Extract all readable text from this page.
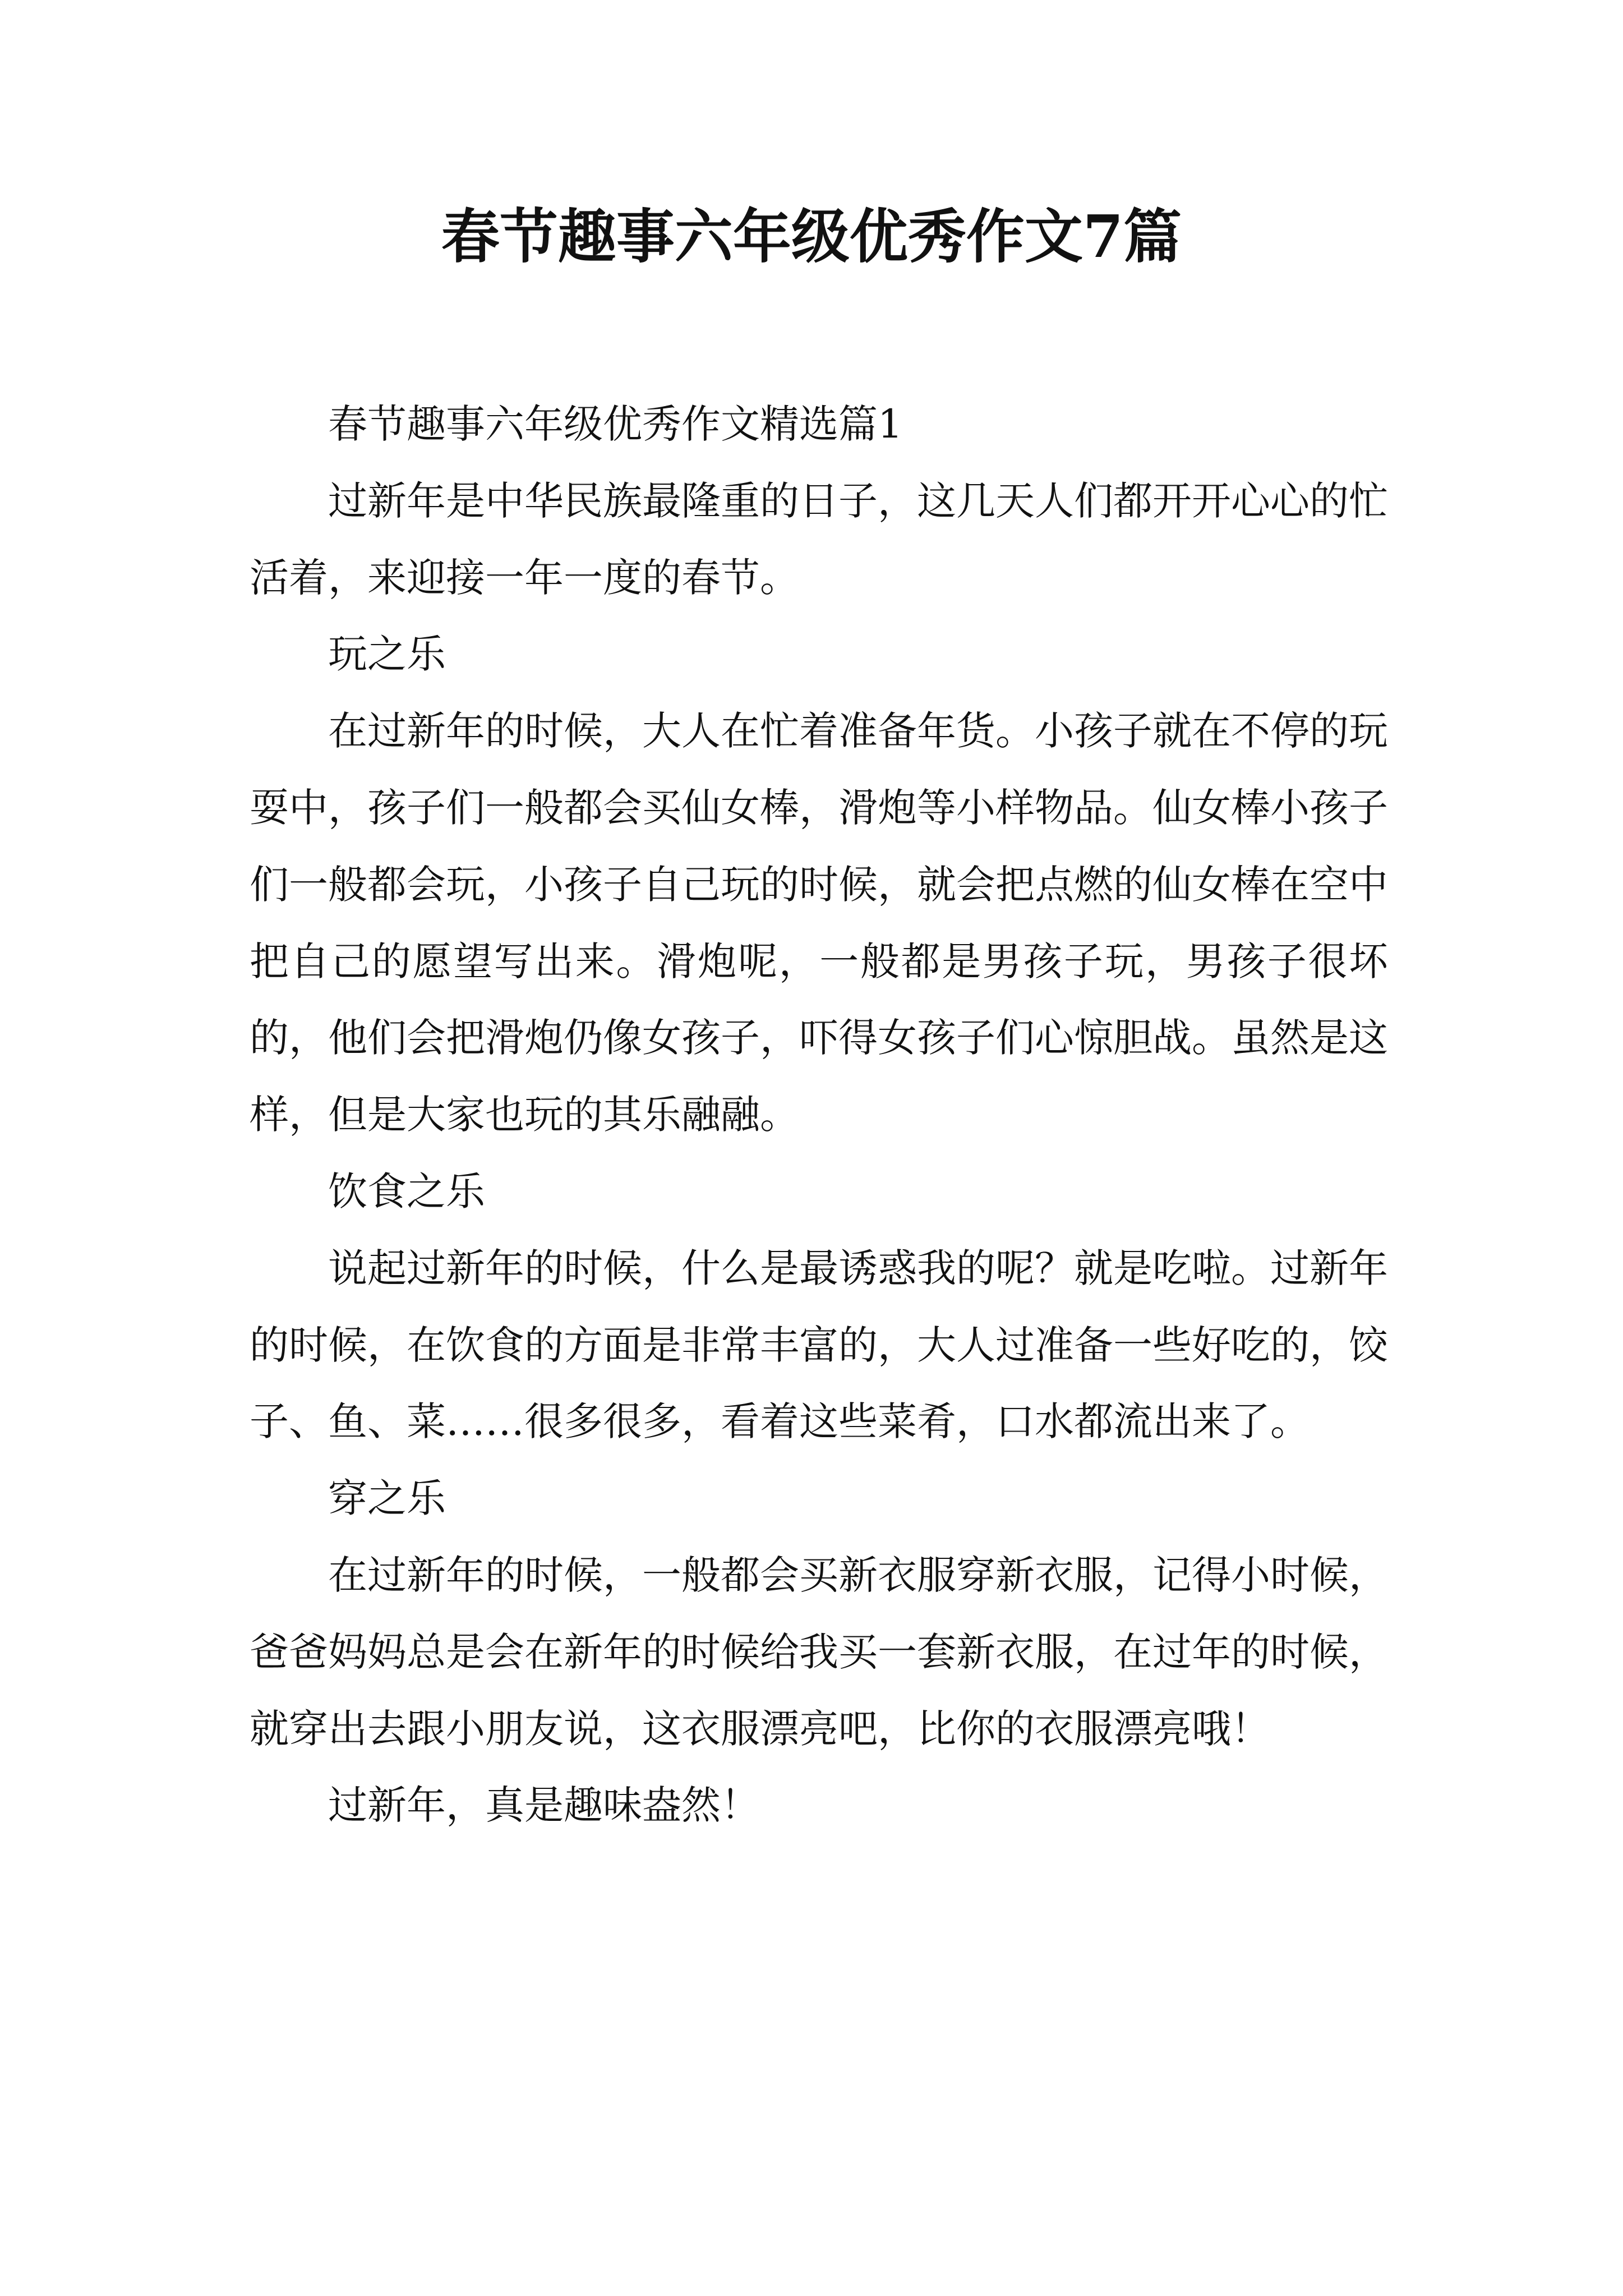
春节趣事六年级优秀作文7篇

春节趣事六年级优秀作文精选篇1

过新年是中华民族最隆重的日子，这几天人们都开开心心的忙活着，来迎接一年一度的春节。

玩之乐

在过新年的时候，大人在忙着准备年货。小孩子就在不停的玩耍中，孩子们一般都会买仙女棒，滑炮等小样物品。仙女棒小孩子们一般都会玩，小孩子自己玩的时候，就会把点燃的仙女棒在空中把自己的愿望写出来。滑炮呢，一般都是男孩子玩，男孩子很坏的，他们会把滑炮仍像女孩子，吓得女孩子们心惊胆战。虽然是这样，但是大家也玩的其乐融融。

饮食之乐

说起过新年的时候，什么是最诱惑我的呢？就是吃啦。过新年的时候，在饮食的方面是非常丰富的，大人过准备一些好吃的，饺子、鱼、菜……很多很多，看着这些菜肴，口水都流出来了。

穿之乐

在过新年的时候，一般都会买新衣服穿新衣服，记得小时候，爸爸妈妈总是会在新年的时候给我买一套新衣服，在过年的时候，就穿出去跟小朋友说，这衣服漂亮吧，比你的衣服漂亮哦！

过新年，真是趣味盎然！
